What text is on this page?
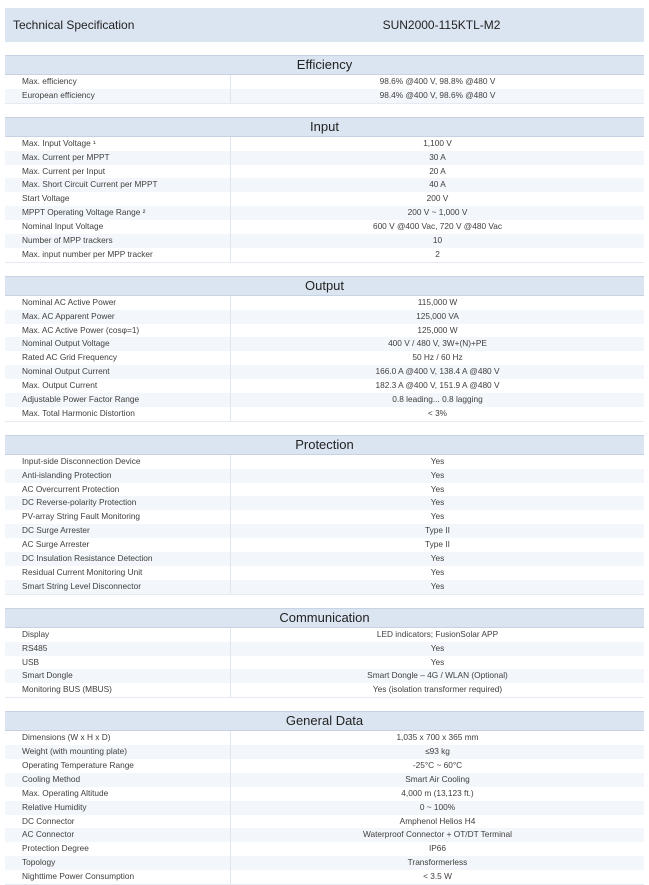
Technical Specification	SUN2000-115KTL-M2
Efficiency
Max. efficiency	98.6% @400 V, 98.8% @480 V
European efficiency	98.4% @400 V, 98.6% @480 V
Input
Max. Input Voltage ¹	1,100 V
Max. Current per MPPT	30 A
Max. Current per Input	20 A
Max. Short Circuit Current per MPPT	40 A
Start Voltage	200 V
MPPT Operating Voltage Range ²	200 V ~ 1,000 V
Nominal Input Voltage	600 V @400 Vac, 720 V @480 Vac
Number of MPP trackers	10
Max. input number per MPP tracker	2
Output
Nominal AC Active Power	115,000 W
Max. AC Apparent Power	125,000 VA
Max. AC Active Power (cosφ=1)	125,000 W
Nominal Output Voltage	400 V / 480 V, 3W+(N)+PE
Rated AC Grid Frequency	50 Hz / 60 Hz
Nominal Output Current	166.0 A @400 V, 138.4 A @480 V
Max. Output Current	182.3 A @400 V, 151.9 A @480 V
Adjustable Power Factor Range	0.8 leading... 0.8 lagging
Max. Total Harmonic Distortion	< 3%
Protection
Input-side Disconnection Device	Yes
Anti-islanding Protection	Yes
AC Overcurrent Protection	Yes
DC Reverse-polarity Protection	Yes
PV-array String Fault Monitoring	Yes
DC Surge Arrester	Type II
AC Surge Arrester	Type II
DC Insulation Resistance Detection	Yes
Residual Current Monitoring Unit	Yes
Smart String Level Disconnector	Yes
Communication
Display	LED indicators; FusionSolar APP
RS485	Yes
USB	Yes
Smart Dongle	Smart Dongle – 4G / WLAN (Optional)
Monitoring BUS (MBUS)	Yes (isolation transformer required)
General Data
Dimensions (W x H x D)	1,035 x 700 x 365 mm
Weight (with mounting plate)	≤93 kg
Operating Temperature Range	-25°C ~ 60°C
Cooling Method	Smart Air Cooling
Max. Operating Altitude	4,000 m (13,123 ft.)
Relative Humidity	0 ~ 100%
DC Connector	Amphenol Helios H4
AC Connector	Waterproof Connector + OT/DT Terminal
Protection Degree	IP66
Topology	Transformerless
Nighttime Power Consumption	< 3.5 W
